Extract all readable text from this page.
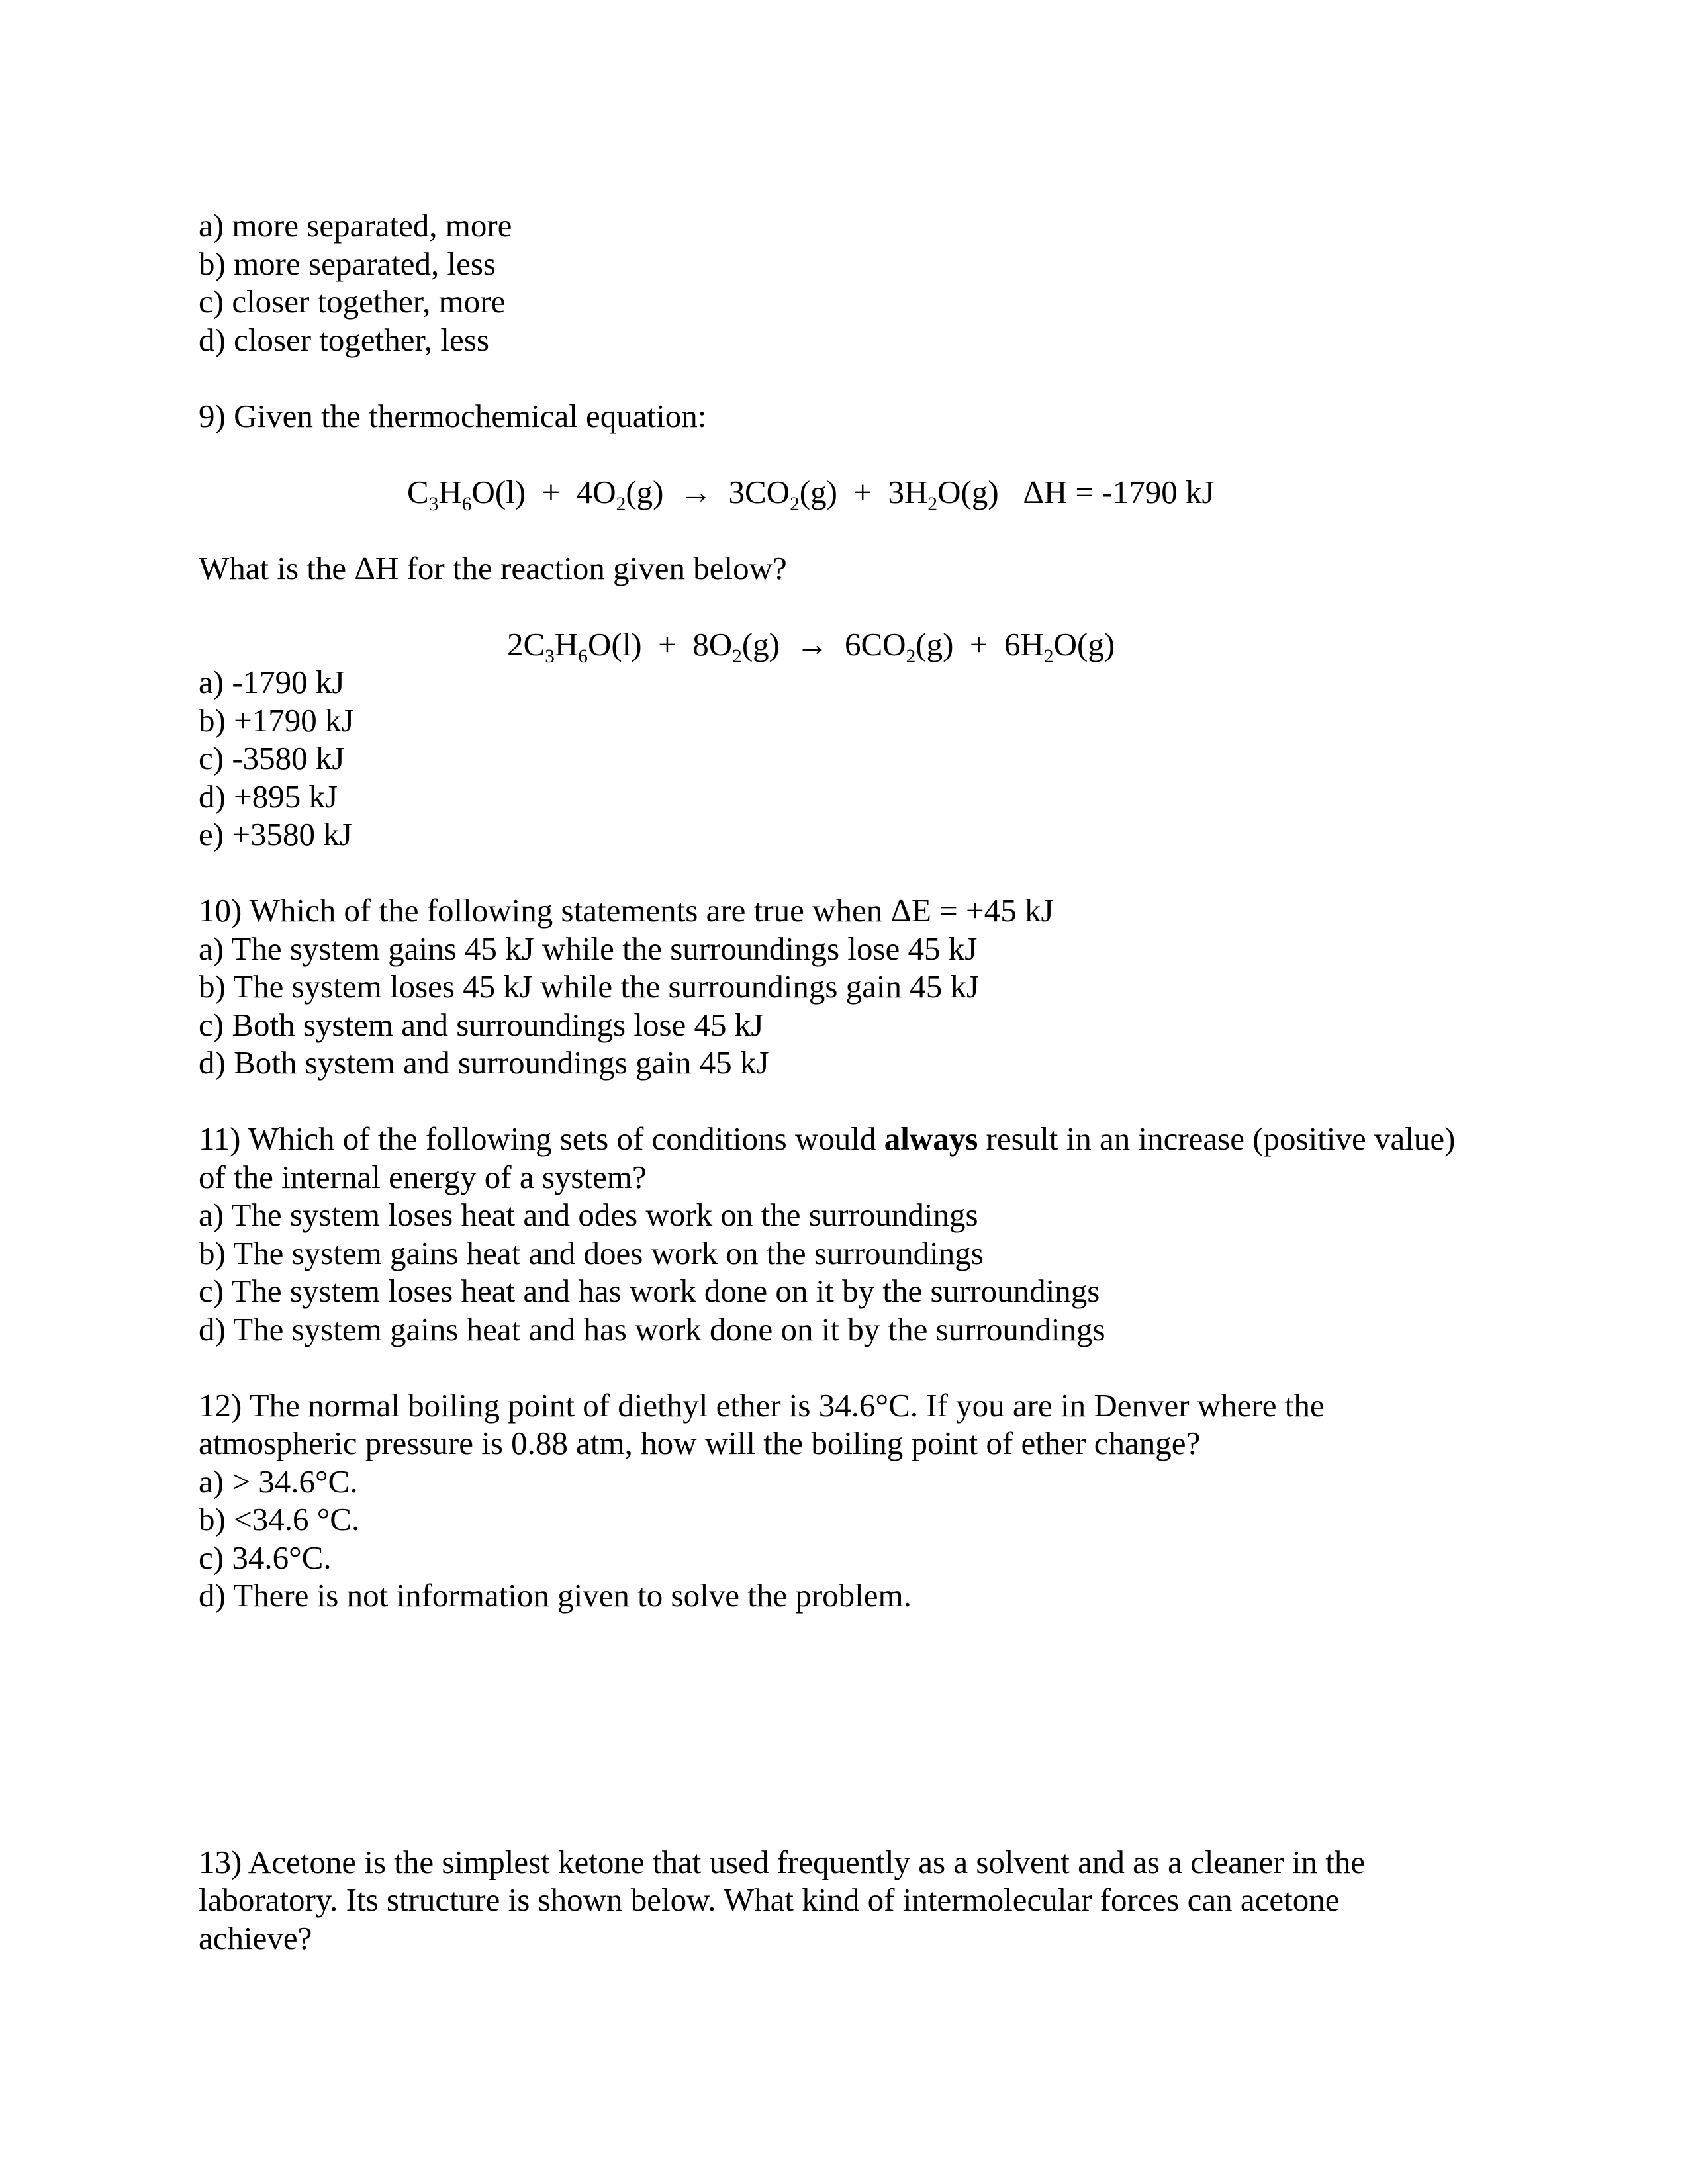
a) more separated, more
b) more separated, less
c) closer together, more
d) closer together, less
9) Given the thermochemical equation:
$C_3H_6O(l) + 4O_2(g) \to 3CO_2(g) + 3H_2O(g) \Delta H = -1790$ kJ
What is the ΔH for the reaction given below?
$2C_3H_6O(l) + 8O_2(g) \to 6CO_2(g) + 6H_2O(g)$
a) -1790 kJ
b) +1790 kJ
c) -3580 kJ
d) +895 kJ
e) +3580 kJ
10) Which of the following statements are true when ΔE = +45 kJ
a) The system gains 45 kJ while the surroundings lose 45 kJ
b) The system loses 45 kJ while the surroundings gain 45 kJ
c) Both system and surroundings lose 45 kJ
d) Both system and surroundings gain 45 kJ
11) Which of the following sets of conditions would always result in an increase (positive value)
of the internal energy of a system?
a) The system loses heat and odes work on the surroundings
b) The system gains heat and does work on the surroundings
c) The system loses heat and has work done on it by the surroundings
d) The system gains heat and has work done on it by the surroundings
12) The normal boiling point of diethyl ether is 34.6°C. If you are in Denver where the
atmospheric pressure is 0.88 atm, how will the boiling point of ether change?
a) > 34.6°C.
b) <34.6 °C.
c) 34.6°C.
d) There is not information given to solve the problem.
13) Acetone is the simplest ketone that used frequently as a solvent and as a cleaner in the
laboratory. Its structure is shown below. What kind of intermolecular forces can acetone
achieve?
